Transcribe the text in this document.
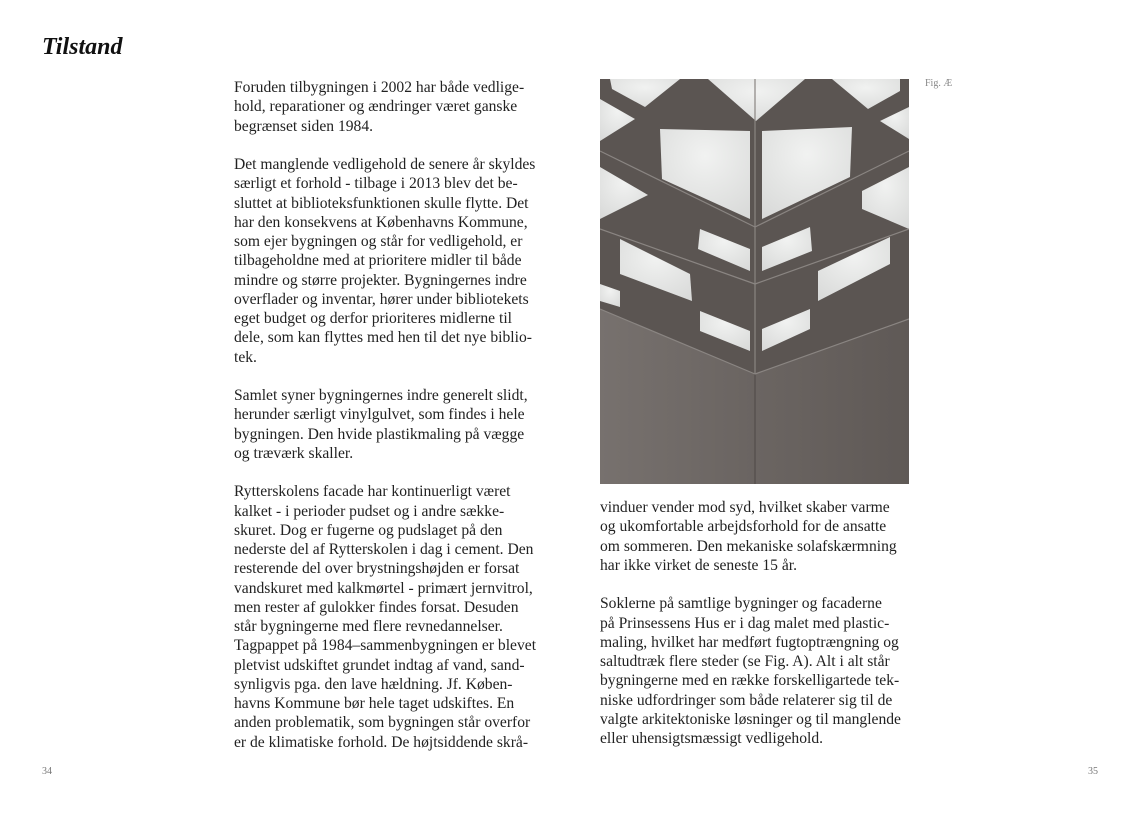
Tilstand

Foruden tilbygningen i 2002 har både vedlige-
hold, reparationer og ændringer været ganske
begrænset siden 1984.

Det manglende vedligehold de senere år skyldes
særligt et forhold - tilbage i 2013 blev det be-
sluttet at biblioteksfunktionen skulle flytte. Det
har den konsekvens at Københavns Kommune,
som ejer bygningen og står for vedligehold, er
tilbageholdne med at prioritere midler til både
mindre og større projekter. Bygningernes indre
overflader og inventar, hører under bibliotekets
eget budget og derfor prioriteres midlerne til
dele, som kan flyttes med hen til det nye biblio-
tek.

Samlet syner bygningernes indre generelt slidt,
herunder særligt vinylgulvet, som findes i hele
bygningen. Den hvide plastikmaling på vægge
og træværk skaller.

Rytterskolens facade har kontinuerligt været
kalket - i perioder pudset og i andre sække-
skuret. Dog er fugerne og pudslaget på den
nederste del af Rytterskolen i dag i cement. Den
resterende del over brystningshøjden er forsat
vandskuret med kalkmørtel - primært jernvitrol,
men rester af gulokker findes forsat. Desuden
står bygningerne med flere revnedannelser.
Tagpappet på 1984–sammenbygningen er blevet
pletvist udskiftet grundet indtag af vand, sand-
synligvis pga. den lave hældning. Jf. Køben-
havns Kommune bør hele taget udskiftes. En
anden problematik, som bygningen står overfor
er de klimatiske forhold. De højtsiddende skrå-

Fig. Æ

vinduer vender mod syd, hvilket skaber varme
og ukomfortable arbejdsforhold for de ansatte
om sommeren. Den mekaniske solafskærmning
har ikke virket de seneste 15 år.

Soklerne på samtlige bygninger og facaderne
på Prinsessens Hus er i dag malet med plastic-
maling, hvilket har medført fugtoptrængning og
saltudtræk flere steder (se Fig. A). Alt i alt står
bygningerne med en række forskelligartede tek-
niske udfordringer som både relaterer sig til de
valgte arkitektoniske løsninger og til manglende
eller uhensigtsmæssigt vedligehold.

34	35
